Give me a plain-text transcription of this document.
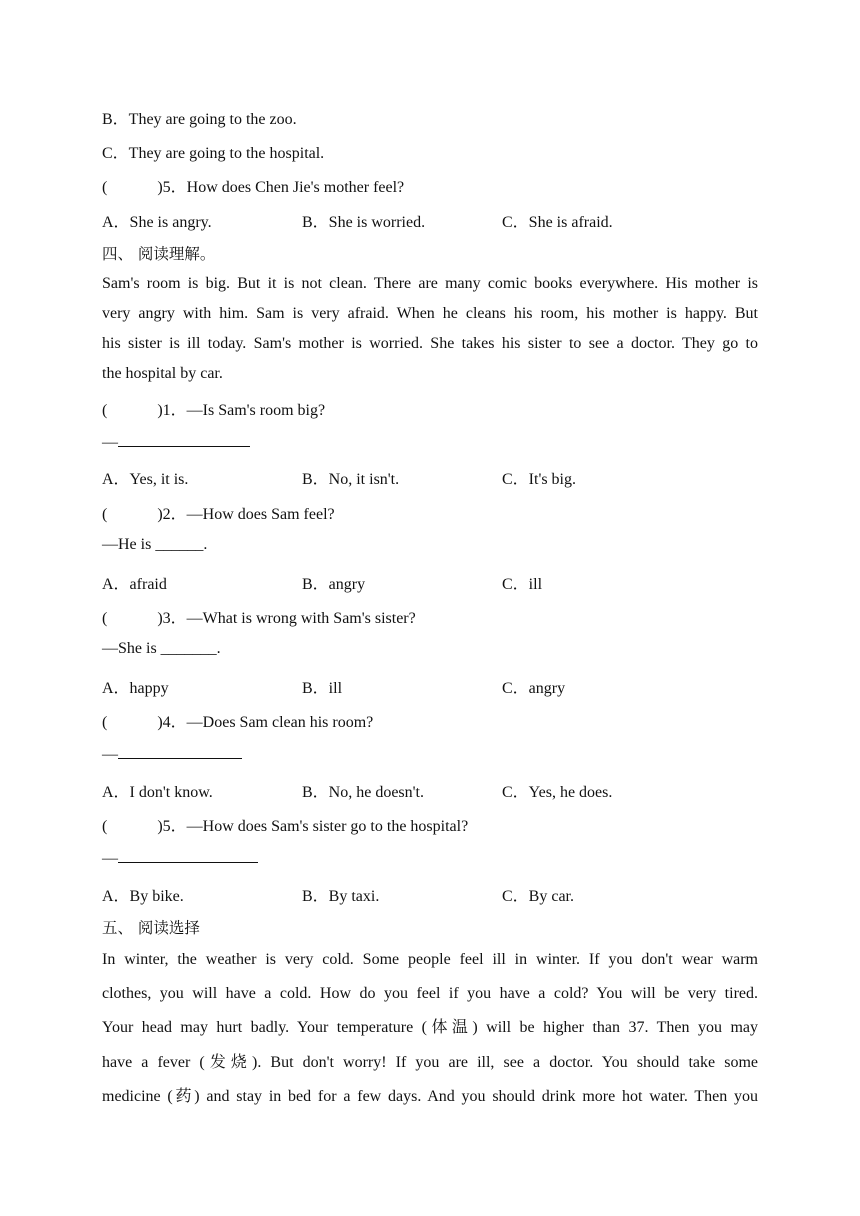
B．They are going to the zoo.
C．They are going to the hospital.
(	)5．How does Chen Jie's mother feel?
A．She is angry.	B．She is worried.	C．She is afraid.
四、 阅读理解。
Sam's room is big. But it is not clean. There are many comic books everywhere. His mother is
very angry with him. Sam is very afraid. When he cleans his room, his mother is happy. But
his sister is ill today. Sam's mother is worried. She takes his sister to see a doctor. They go to
the hospital by car.
(	)1．—Is Sam's room big?
—
A．Yes, it is.	B．No, it isn't.	C．It's big.
(	)2．—How does Sam feel?
—He is ______.
A．afraid	B．angry	C．ill
(	)3．—What is wrong with Sam's sister?
—She is _______.
A．happy	B．ill	C．angry
(	)4．—Does Sam clean his room?
—
A．I don't know.	B．No, he doesn't.	C．Yes, he does.
(	)5．—How does Sam's sister go to the hospital?
—
A．By bike.	B．By taxi.	C．By car.
五、 阅读选择
In winter, the weather is very cold. Some people feel ill in winter. If you don't wear warm
clothes, you will have a cold. How do you feel if you have a cold? You will be very tired.
Your head may hurt badly. Your temperature (体温) will be higher than 37. Then you may
have a fever (发烧). But don't worry! If you are ill, see a doctor. You should take some
medicine (药) and stay in bed for a few days. And you should drink more hot water. Then you
